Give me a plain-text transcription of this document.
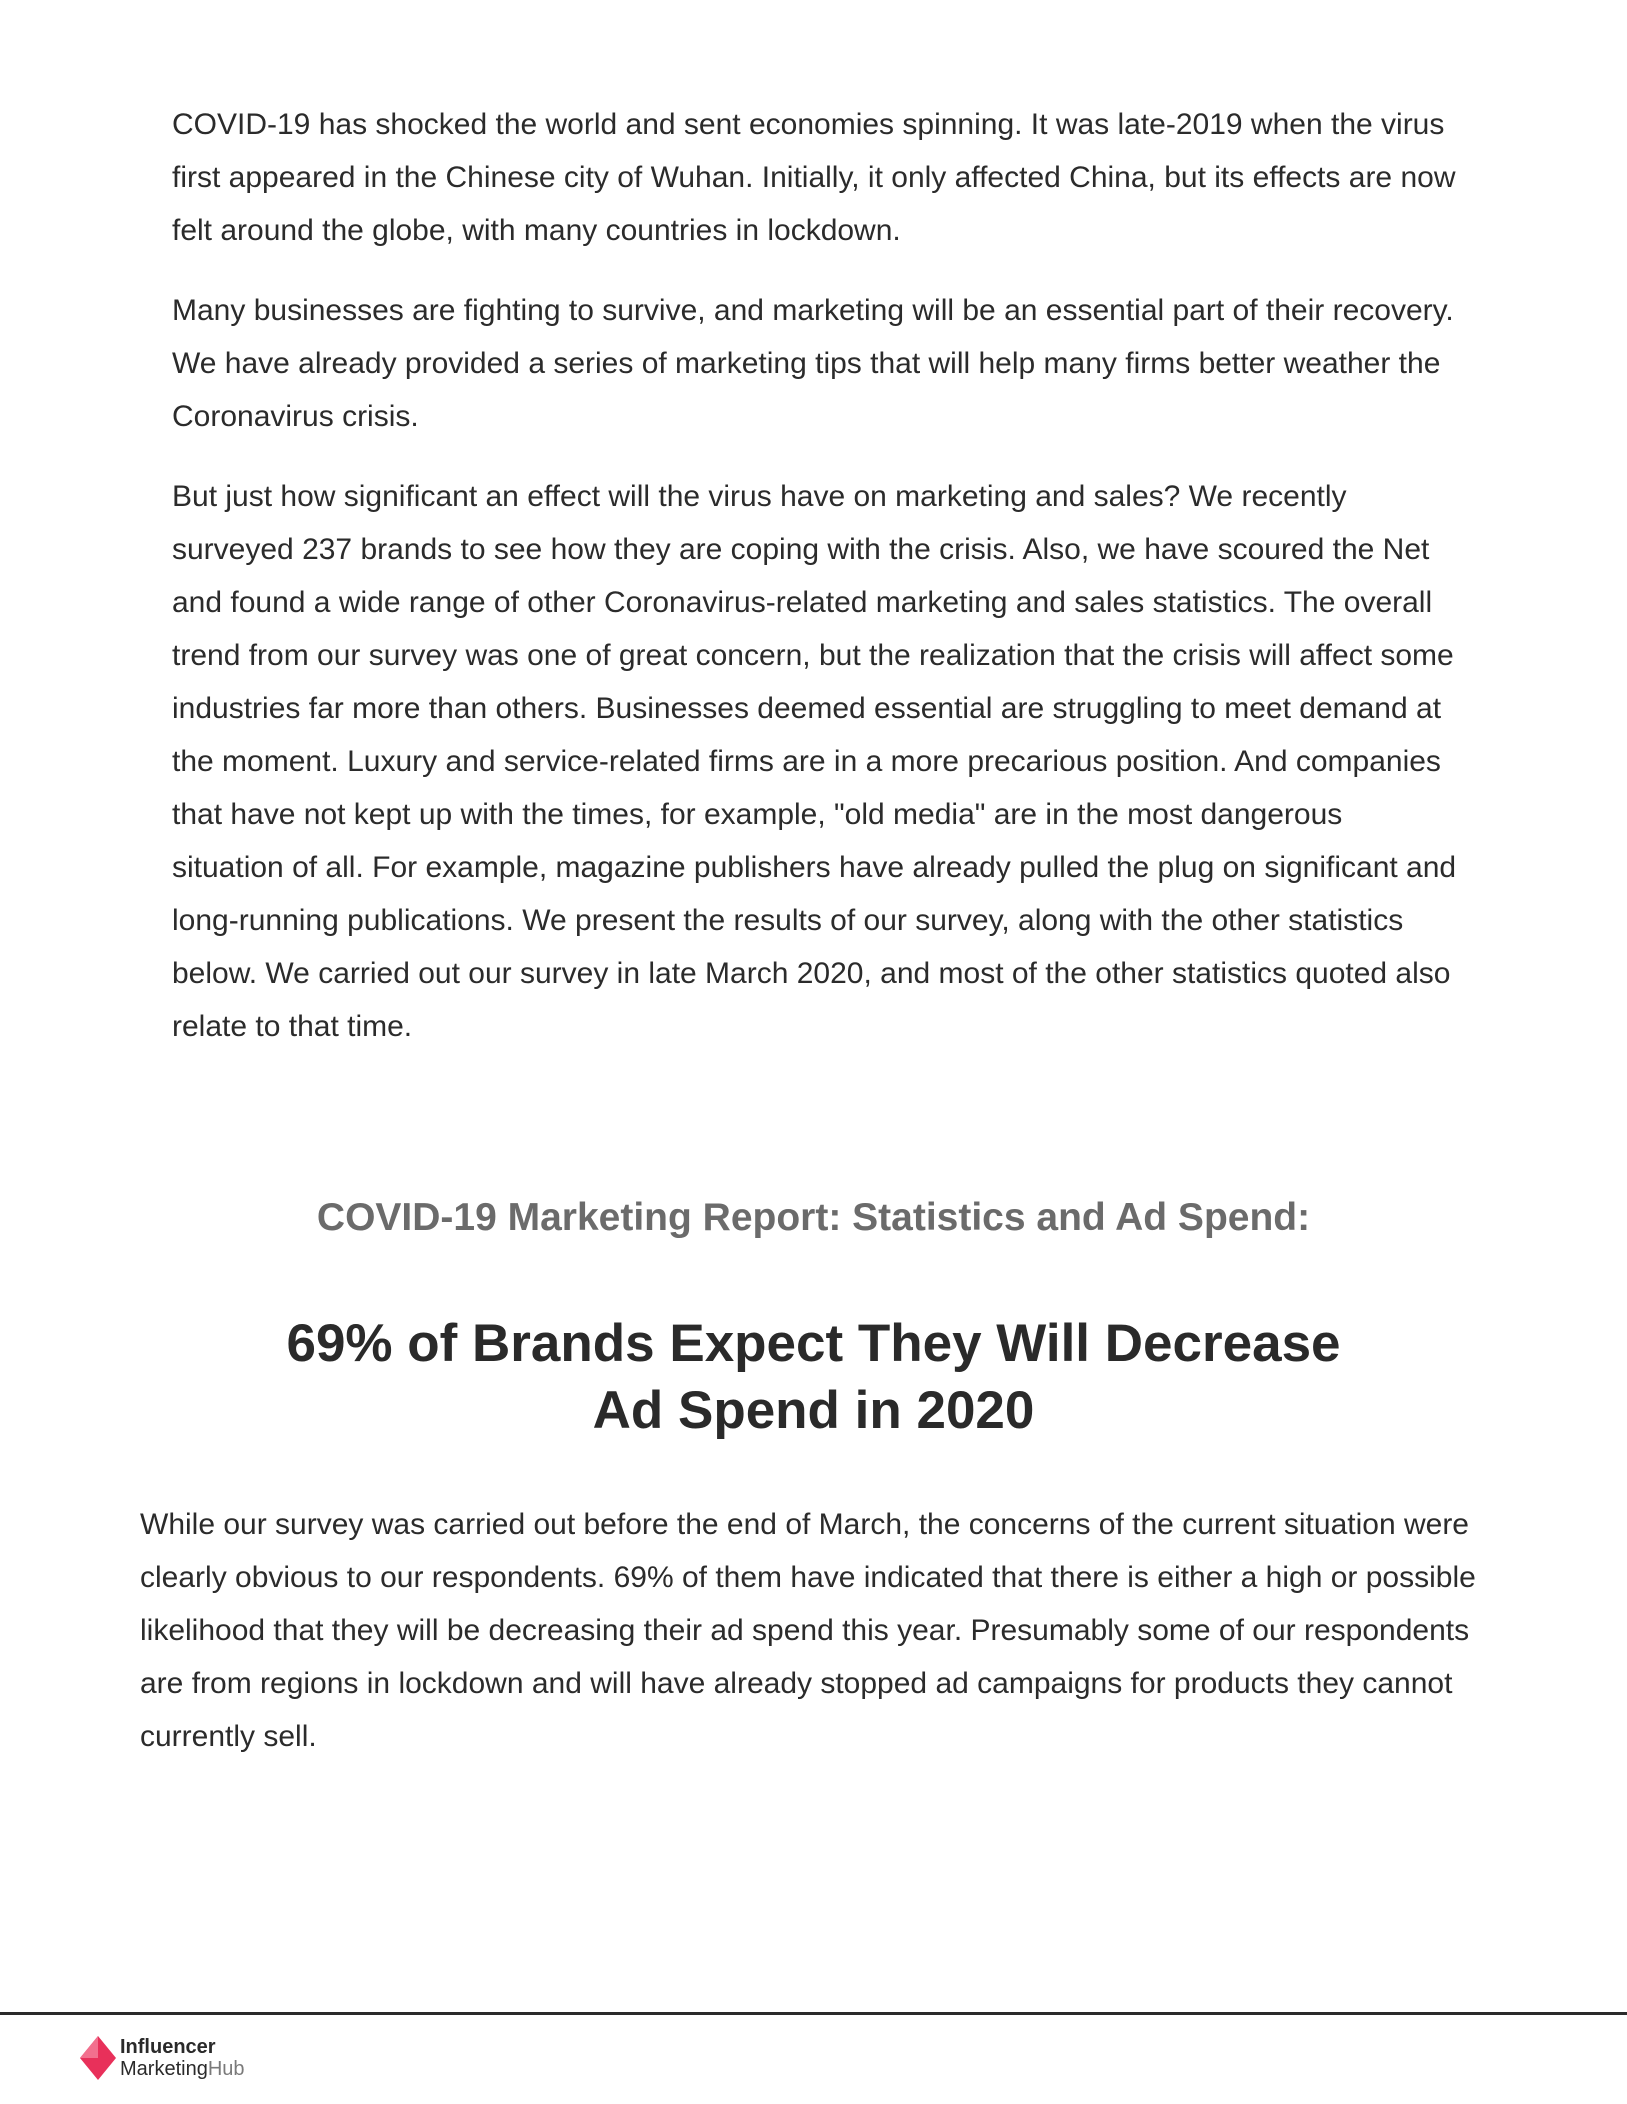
COVID-19 has shocked the world and sent economies spinning. It was late-2019 when the virus first appeared in the Chinese city of Wuhan. Initially, it only affected China, but its effects are now felt around the globe, with many countries in lockdown.

Many businesses are fighting to survive, and marketing will be an essential part of their recovery. We have already provided a series of marketing tips that will help many firms better weather the Coronavirus crisis.

But just how significant an effect will the virus have on marketing and sales? We recently surveyed 237 brands to see how they are coping with the crisis. Also, we have scoured the Net and found a wide range of other Coronavirus-related marketing and sales statistics. The overall trend from our survey was one of great concern, but the realization that the crisis will affect some industries far more than others. Businesses deemed essential are struggling to meet demand at the moment. Luxury and service-related firms are in a more precarious position. And companies that have not kept up with the times, for example, "old media" are in the most dangerous situation of all. For example, magazine publishers have already pulled the plug on significant and long-running publications. We present the results of our survey, along with the other statistics below. We carried out our survey in late March 2020, and most of the other statistics quoted also relate to that time.

COVID-19 Marketing Report: Statistics and Ad Spend:
69% of Brands Expect They Will Decrease
Ad Spend in 2020

While our survey was carried out before the end of March, the concerns of the current situation were clearly obvious to our respondents. 69% of them have indicated that there is either a high or possible likelihood that they will be decreasing their ad spend this year. Presumably some of our respondents are from regions in lockdown and will have already stopped ad campaigns for products they cannot currently sell.

Influencer
MarketingHub
